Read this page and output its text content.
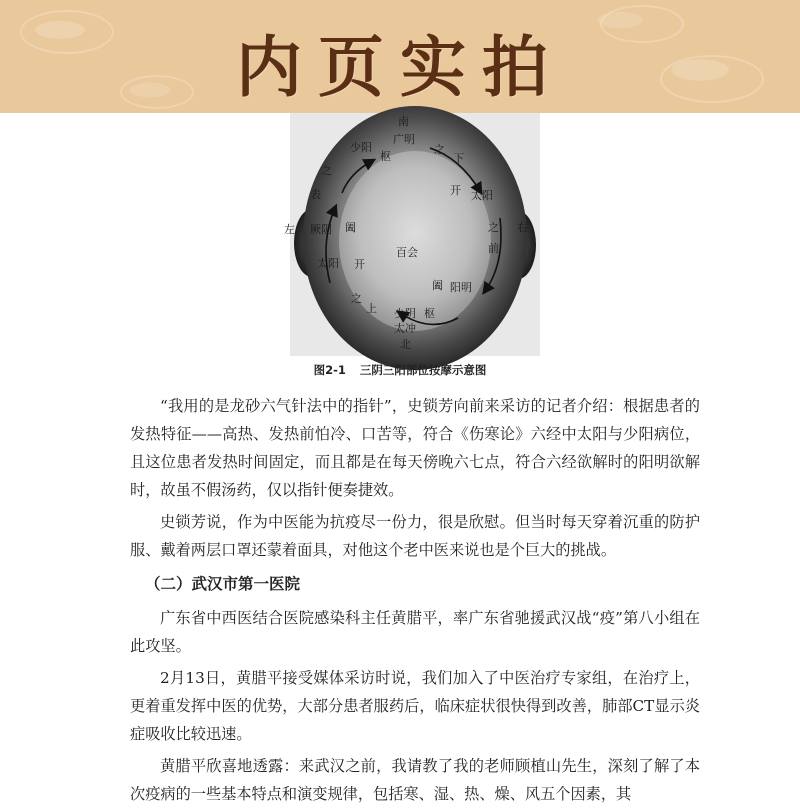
内页实拍
南
广明
枢
少阳	之
下
开 太阳
之
前
右
左
之
表
厥阴 阖
百会
太阳 开
之
上
阖 阳明
少阴 枢
太冲
北
图2-1 三阴三阳部位按摩示意图

“我用的是龙砂六气针法中的指针”，史锁芳向前来采访的记者介绍：根据患者的发热特征——高热、发热前怕冷、口苦等，符合《伤寒论》六经中太阳与少阳病位，且这位患者发热时间固定，而且都是在每天傍晚六七点，符合六经欲解时的阳明欲解时，故虽不假汤药，仅以指针便奏捷效。

史锁芳说，作为中医能为抗疫尽一份力，很是欣慰。但当时每天穿着沉重的防护服、戴着两层口罩还蒙着面具，对他这个老中医来说也是个巨大的挑战。

（二）武汉市第一医院

广东省中西医结合医院感染科主任黄腊平，率广东省驰援武汉战“疫”第八小组在此攻坚。

2月13日，黄腊平接受媒体采访时说，我们加入了中医治疗专家组，在治疗上，更着重发挥中医的优势，大部分患者服药后，临床症状很快得到改善，肺部CT显示炎症吸收比较迅速。

黄腊平欣喜地透露：来武汉之前，我请教了我的老师顾植山先生，深刻了解了本次疫病的一些基本特点和演变规律，包括寒、湿、热、燥、风五个因素，其
